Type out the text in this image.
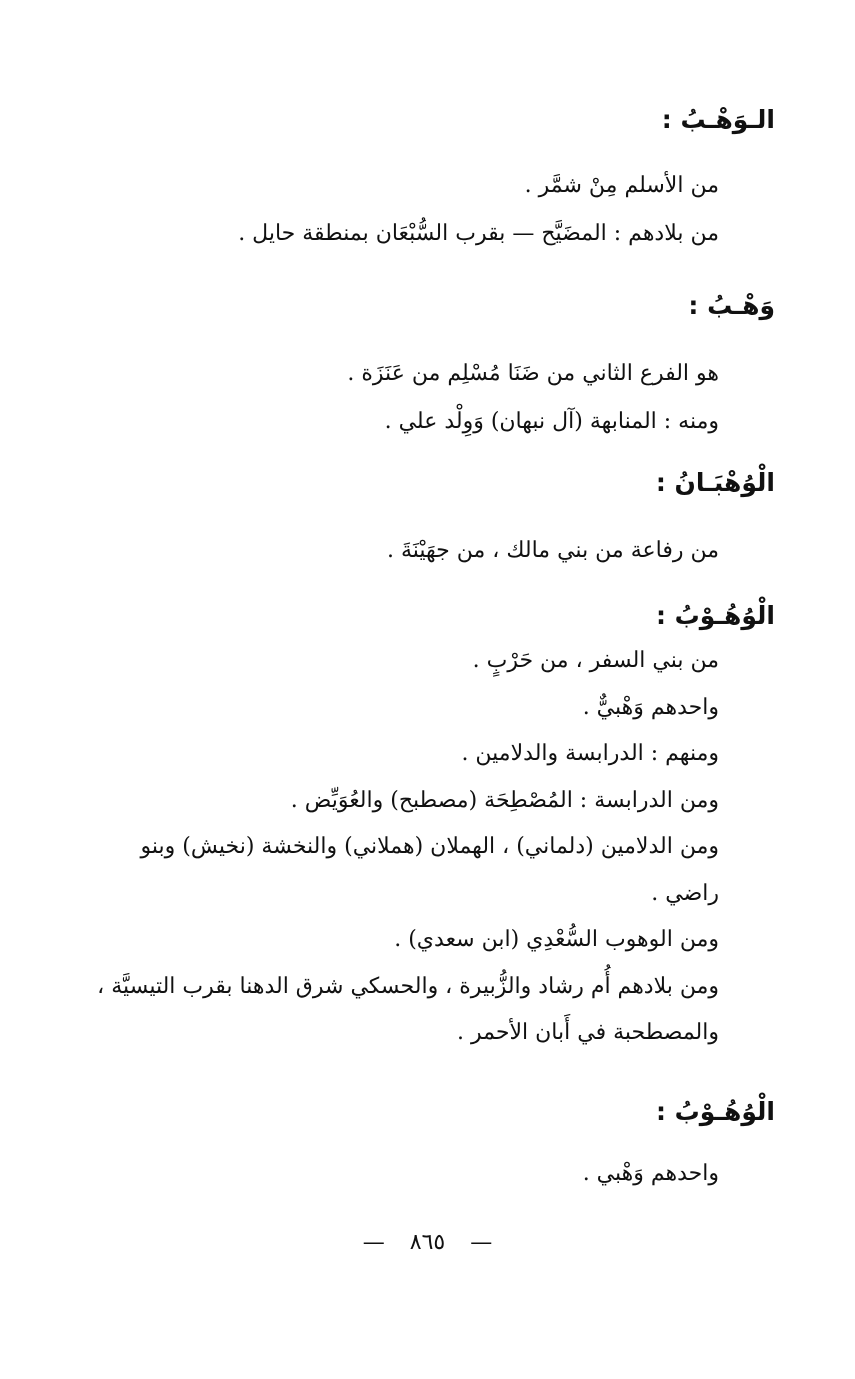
الـوَهْـبُ :
من الأسلم مِنْ شمَّر .
من بلادهم : المضَيَّح — بقرب السُّبْعَان بمنطقة حايل .
وَهْـبُ :
هو الفرع الثاني من ضَنَا مُسْلِم من عَنَزَة .
ومنه : المنابهة (آل نبهان) وَوِلْد علي .
الْوُهْبَـانُ :
من رفاعة من بني مالك ، من جهَيْنَةَ .
الْوُهُـوْبُ :
من بني السفر ، من حَرْبٍ .
واحدهم وَهْبيٌّ .
ومنهم : الدرابسة والدلامين .
ومن الدرابسة : المُصْطِحَة (مصطبح) والعُوَيِّض .
ومن الدلامين (دلماني) ، الهملان (هملاني) والنخشة (نخيش) وبنو
راضي .
ومن الوهوب السُّعْدِي (ابن سعدي) .
ومن بلادهم أُم رشاد والزُّبيرة ، والحسكي شرق الدهنا بقرب التيسيَّة ،
والمصطحبة في أَبان الأحمر .
الْوُهُـوْبُ :
واحدهم وَهْبي .
— ٨٦٥ —
